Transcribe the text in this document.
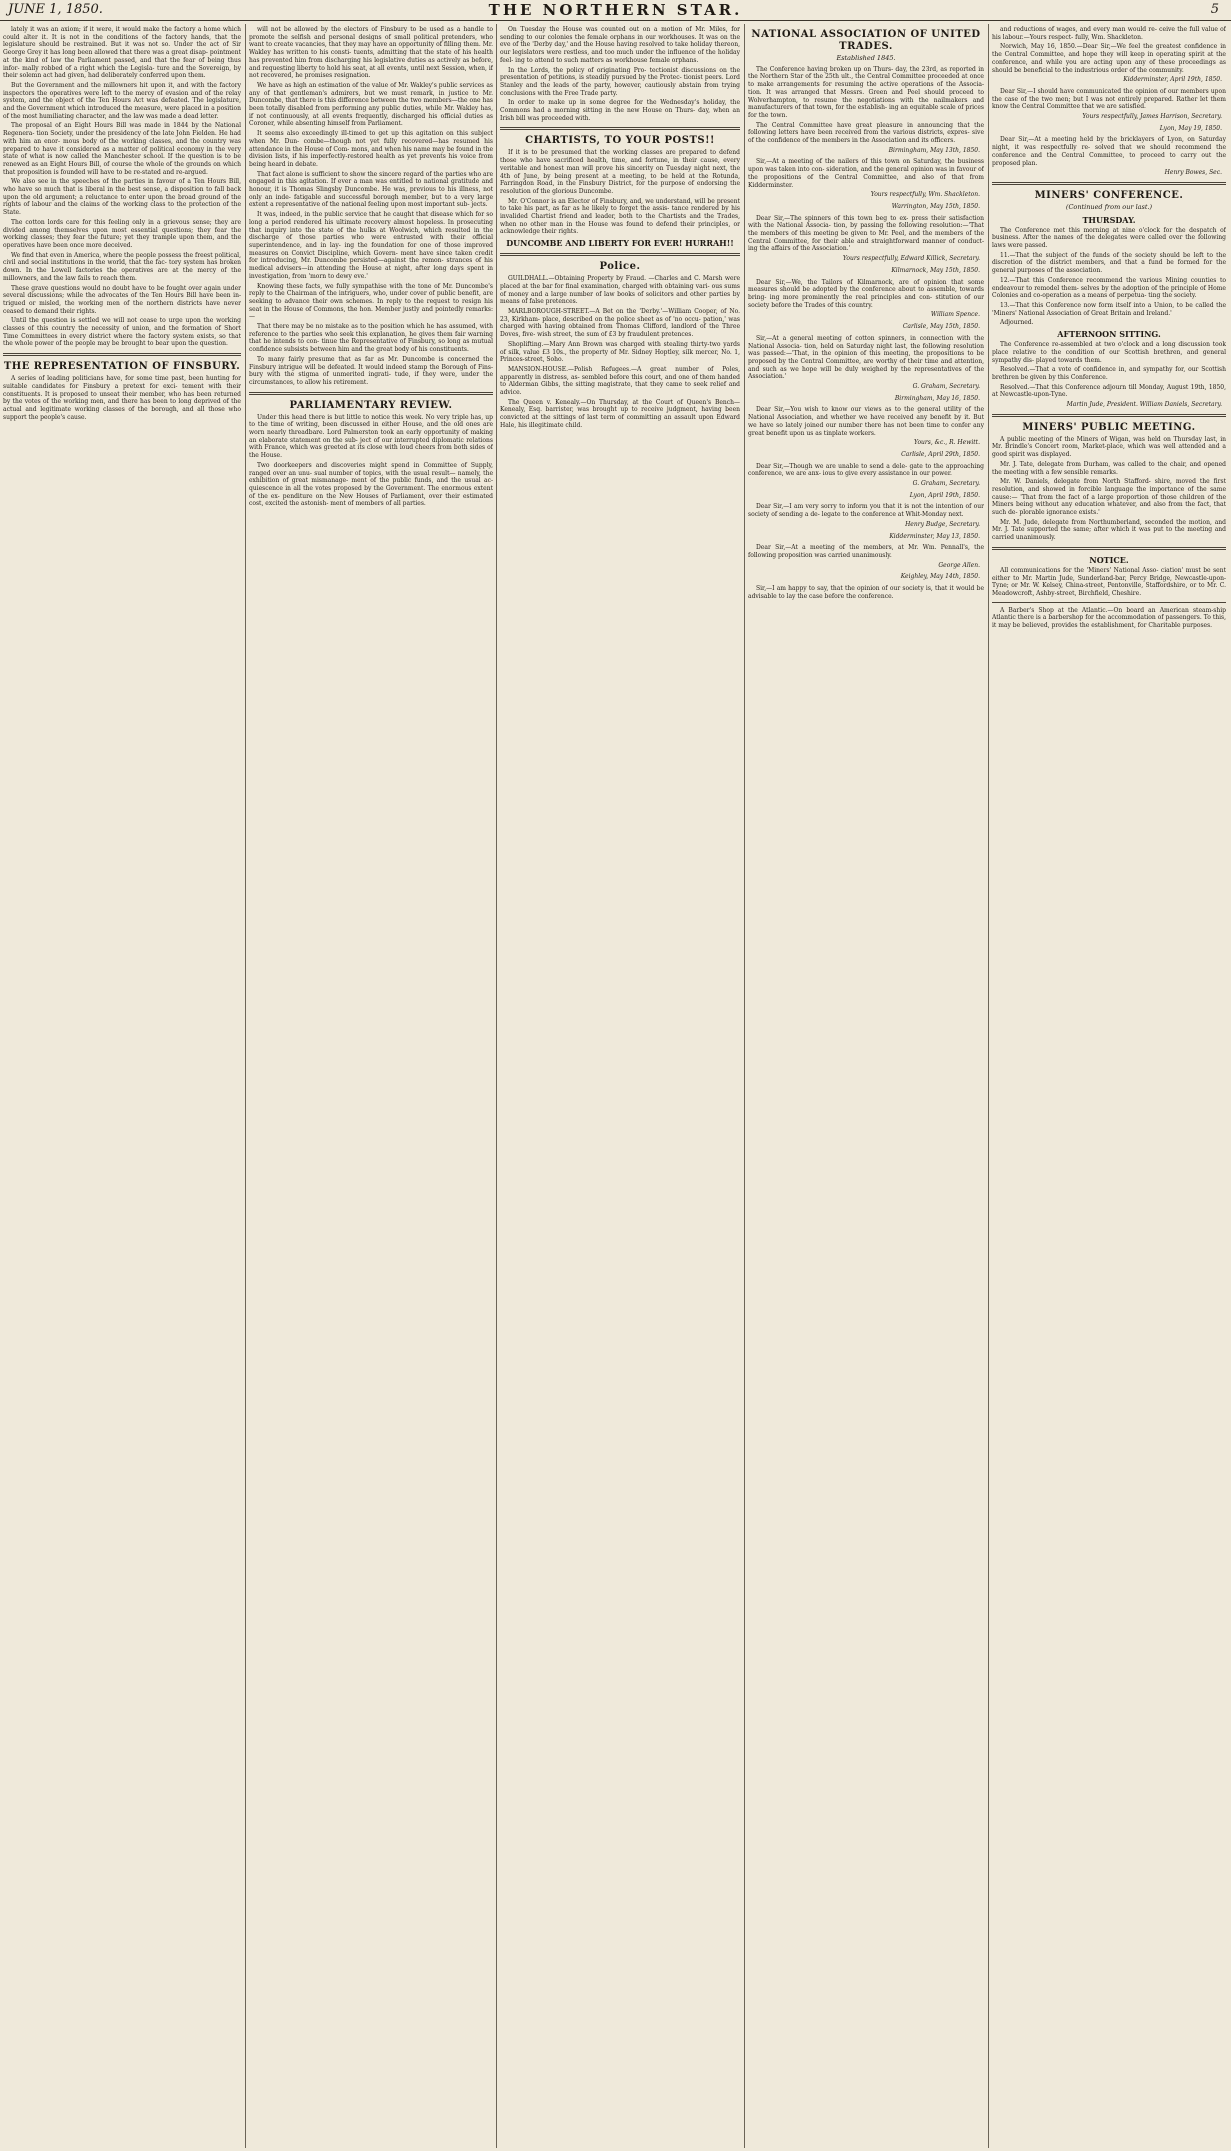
JUNE 1, 1850.	THE NORTHERN STAR.	5

lately it was an axiom; if it were, it would make the factory a home which could alter it. It is not in the conditions of the factory hands, that the legislature should be restrained. But it was not so. Under the act of Sir George Grey it has long been allowed that there was a great disap- pointment at the kind of law the Parliament passed, and that the fear of being thus infor- mally robbed of a right which the Legisla- ture and the Sovereign, by their solemn act had given, had deliberately conferred upon them.

But the Government and the millowners hit upon it, and with the factory inspectors the operatives were left to the mercy of evasion and of the relay system, and the object of the Ten Hours Act was defeated. The legislature, and the Government which introduced the measure, were placed in a position of the most humiliating character, and the law was made a dead letter.

The proposal of an Eight Hours Bill was made in 1844 by the National Regenera- tion Society, under the presidency of the late John Fielden. He had with him an enor- mous body of the working classes, and the country was prepared to have it considered as a matter of political economy in the very state of what is now called the Manchester school. If the question is to be renewed as an Eight Hours Bill, of course the whole of the grounds on which that proposition is founded will have to be re-stated and re-argued.

We also see in the speeches of the parties in favour of a Ten Hours Bill, who have so much that is liberal in the best sense, a disposition to fall back upon the old argument; a reluctance to enter upon the broad ground of the rights of labour and the claims of the working class to the protection of the State.

The cotton lords care for this feeling only in a grievous sense; they are divided among themselves upon most essential questions; they fear the working classes; they fear the future; yet they trample upon them, and the operatives have been once more deceived.

We find that even in America, where the people possess the freest political, civil and social institutions in the world, that the fac- tory system has broken down. In the Lowell factories the operatives are at the mercy of the millowners, and the law fails to reach them.

These grave questions would no doubt have to be fought over again under several discussions; while the advocates of the Ten Hours Bill have been in- trigued or misled, the working men of the northern districts have never ceased to demand their rights.

Until the question is settled we will not cease to urge upon the working classes of this country the necessity of union, and the formation of Short Time Committees in every district where the factory system exists, so that the whole power of the people may be brought to bear upon the question.

THE REPRESENTATION OF FINSBURY.

A series of leading politicians have, for some time past, been hunting for suitable candidates for Finsbury a pretext for exci- tement with their constituents. It is proposed to unseat their member, who has been returned by the votes of the working men, and there has been to long deprived of the actual and legitimate working classes of the borough, and all those who support the people's cause.

will not be allowed by the electors of Finsbury to be used as a handle to promote the selfish and personal designs of small political pretenders, who want to create vacancies, that they may have an opportunity of filling them. Mr. Wakley has written to his consti- tuents, admitting that the state of his health has prevented him from discharging his legislative duties as actively as before, and requesting liberty to hold his seat, at all events, until next Session, when, if not recovered, he promises resignation.

We have as high an estimation of the value of Mr. Wakley's public services as any of that gentleman's admirers, but we must remark, in justice to Mr. Duncombe, that there is this difference between the two members—the one has been totally disabled from performing any public duties, while Mr. Wakley has, if not continuously, at all events frequently, discharged his official duties as Coroner, while absenting himself from Parliament.

It seems also exceedingly ill-timed to get up this agitation on this subject when Mr. Dun- combe—though not yet fully recovered—has resumed his attendance in the House of Com- mons, and when his name may be found in the division lists, if his imperfectly-restored health as yet prevents his voice from being heard in debate.

That fact alone is sufficient to show the sincere regard of the parties who are engaged in this agitation. If ever a man was entitled to national gratitude and honour, it is Thomas Slingsby Duncombe. He was, previous to his illness, not only an inde- fatigable and successful borough member, but to a very large extent a representative of the national feeling upon most important sub- jects.

It was, indeed, in the public service that he caught that disease which for so long a period rendered his ultimate recovery almost hopeless. In prosecuting that inquiry into the state of the hulks at Woolwich, which resulted in the discharge of those parties who were entrusted with their official superintendence, and in lay- ing the foundation for one of those improved measures on Convict Discipline, which Govern- ment have since taken credit for introducing, Mr. Duncombe persisted—against the remon- strances of his medical advisers—in attending the House at night, after long days spent in investigation, from 'morn to dewy eve.'

Knowing these facts, we fully sympathise with the tone of Mr. Duncombe's reply to the Chairman of the intriguers, who, under cover of public benefit, are seeking to advance their own schemes. In reply to the request to resign his seat in the House of Commons, the hon. Member justly and pointedly remarks:—

That there may be no mistake as to the position which he has assumed, with reference to the parties who seek this explanation, he gives them fair warning that he intends to con- tinue the Representative of Finsbury, so long as mutual confidence subsists between him and the great body of his constituents.

To many fairly presume that as far as Mr. Duncombe is concerned the Finsbury intrigue will be defeated. It would indeed stamp the Borough of Fins- bury with the stigma of unmerited ingrati- tude, if they were, under the circumstances, to allow his retirement.

PARLIAMENTARY REVIEW.

Under this head there is but little to notice this week. No very triple has, up to the time of writing, been discussed in either House, and the old ones are worn nearly threadbare. Lord Palmerston took an early opportunity of making an elaborate statement on the sub- ject of our interrupted diplomatic relations with France, which was greeted at its close with loud cheers from both sides of the House.

Two doorkeepers and discoveries might spend in Committee of Supply, ranged over an unu- sual number of topics, with the usual result— namely, the exhibition of great mismanage- ment of the public funds, and the usual ac- quiescence in all the votes proposed by the Government. The enormous extent of the ex- penditure on the New Houses of Parliament, over their estimated cost, excited the astonish- ment of members of all parties.

On Tuesday the House was counted out on a motion of Mr. Miles, for sending to our colonies the female orphans in our workhouses. It was on the eve of the 'Derby day,' and the House having resolved to take holiday thereon, our legislators were restless, and too much under the influence of the holiday feel- ing to attend to such matters as workhouse female orphans.

In the Lords, the policy of originating Pro- tectionist discussions on the presentation of petitions, is steadily pursued by the Protec- tionist peers. Lord Stanley and the leads of the party, however, cautiously abstain from trying conclusions with the Free Trade party.

In order to make up in some degree for the Wednesday's holiday, the Commons had a morning sitting in the new House on Thurs- day, when an Irish bill was proceeded with.

CHARTISTS, TO YOUR POSTS!!

If it is to be presumed that the working classes are prepared to defend those who have sacrificed health, time, and fortune, in their cause, every veritable and honest man will prove his sincerity on Tuesday night next, the 4th of June, by being present at a meeting, to be held at the Rotunda, Farringdon Road, in the Finsbury District, for the purpose of endorsing the resolution of the glorious Duncombe.

Mr. O'Connor is an Elector of Finsbury, and, we understand, will be present to take his part, as far as he likely to forget the assis- tance rendered by his invalided Chartist friend and leader, both to the Chartists and the Trades, when no other man in the House was found to defend their principles, or acknowledge their rights.

DUNCOMBE AND LIBERTY FOR EVER! HURRAH!!
Police.

GUILDHALL.—Obtaining Property by Fraud. —Charles and C. Marsh were placed at the bar for final examination, charged with obtaining vari- ous sums of money and a large number of law books of solicitors and other parties by means of false pretences.

MARLBOROUGH-STREET.—A Bet on the 'Derby.'—William Cooper, of No. 23, Kirkham- place, described on the police sheet as of 'no occu- pation,' was charged with having obtained from Thomas Clifford, landlord of the Three Doves, five- wish street, the sum of £3 by fraudulent pretences.

Shoplifting.—Mary Ann Brown was charged with stealing thirty-two yards of silk, value £3 10s., the property of Mr. Sidney Hoptley, silk mercer, No. 1, Princes-street, Soho.

MANSION-HOUSE.—Polish Refugees.—A great number of Poles, apparently in distress, as- sembled before this court, and one of them handed to Alderman Gibbs, the sitting magistrate, that they came to seek relief and advice.

The Queen v. Kenealy.—On Thursday, at the Court of Queen's Bench—Kenealy, Esq. barrister, was brought up to receive judgment, having been convicted at the sittings of last term of committing an assault upon Edward Hale, his illegitimate child.

NATIONAL ASSOCIATION OF UNITED TRADES.
Established 1845.

The Conference having broken up on Thurs- day, the 23rd, as reported in the Northern Star of the 25th ult., the Central Committee proceeded at once to make arrangements for resuming the active operations of the Associa- tion. It was arranged that Messrs. Green and Peel should proceed to Wolverhampton, to resume the negotiations with the nailmakers and manufacturers of that town, for the establish- ing an equitable scale of prices for the town.

The Central Committee have great pleasure in announcing that the following letters have been received from the various districts, expres- sive of the confidence of the members in the Association and its officers.

Birmingham, May 13th, 1850.

Sir,—At a meeting of the nailers of this town on Saturday, the business upon was taken into con- sideration, and the general opinion was in favour of the propositions of the Central Committee, and also of that from Kidderminster.

Yours respectfully, Wm. Shackleton.
Warrington, May 15th, 1850.

Dear Sir,—The spinners of this town beg to ex- press their satisfaction with the National Associa- tion, by passing the following resolution:—'That the members of this meeting be given to Mr. Peel, and the members of the Central Committee, for their able and straightforward manner of conduct- ing the affairs of the Association.'

Yours respectfully, Edward Killick, Secretary.
Kilmarnock, May 15th, 1850.

Dear Sir,—We, the Tailors of Kilmarnock, are of opinion that some measures should be adopted by the conference about to assemble, towards bring- ing more prominently the real principles and con- stitution of our society before the Trades of this country.

William Spence.
Carlisle, May 15th, 1850.

Sir,—At a general meeting of cotton spinners, in connection with the National Associa- tion, held on Saturday night last, the following resolution was passed:—'That, in the opinion of this meeting, the propositions to be proposed by the Central Committee, are worthy of their time and attention, and such as we hope will be duly weighed by the representatives of the Association.'

G. Graham, Secretary.
Birmingham, May 16, 1850.

Dear Sir,—You wish to know our views as to the general utility of the National Association, and whether we have received any benefit by it. But we have so lately joined our number there has not been time to confer any great benefit upon us as tinplate workers.

Yours, &c., R. Hewitt.
Carlisle, April 29th, 1850.

Dear Sir,—Though we are unable to send a dele- gate to the approaching conference, we are anx- ious to give every assistance in our power.

G. Graham, Secretary.
Lyon, April 19th, 1850.

Dear Sir,—I am very sorry to inform you that it is not the intention of our society of sending a de- legate to the conference at Whit-Monday next.

Henry Budge, Secretary.
Kidderminster, May 13, 1850.

Dear Sir,—At a meeting of the members, at Mr. Wm. Pennall's, the following proposition was carried unanimously.

George Allen.
Keighley, May 14th, 1850.

Sir,—I am happy to say, that the opinion of our society is, that it would be advisable to lay the case before the conference.

and reductions of wages, and every man would re- ceive the full value of his labour.—Yours respect- fully, Wm. Shackleton.

Norwich, May 16, 1850.—Dear Sir,—We feel the greatest confidence in the Central Committee, and hope they will keep in operating spirit at the conference, and while you are acting upon any of these proceedings as should be beneficial to the industrious order of the community.

Kidderminster, April 19th, 1850.

Dear Sir,—I should have communicated the opinion of our members upon the case of the two men; but I was not entirely prepared. Rather let them know the Central Committee that we are satisfied.

Yours respectfully, James Harrison, Secretary.
Lyon, May 19, 1850.

Dear Sir,—At a meeting held by the bricklayers of Lyon, on Saturday night, it was respectfully re- solved that we should recommend the conference and the Central Committee, to proceed to carry out the proposed plan.

Henry Bowes, Sec.
MINERS' CONFERENCE.
(Continued from our last.)
THURSDAY.

The Conference met this morning at nine o'clock for the despatch of business. After the names of the delegates were called over the following laws were passed.

11.—That the subject of the funds of the society should be left to the discretion of the district members, and that a fund be formed for the general purposes of the association.

12.—That this Conference recommend the various Mining counties to endeavour to remodel them- selves by the adoption of the principle of Home Colonies and co-operation as a means of perpetua- ting the society.

13.—That this Conference now form itself into a Union, to be called the 'Miners' National Association of Great Britain and Ireland.'

Adjourned.

AFTERNOON SITTING.

The Conference re-assembled at two o'clock and a long discussion took place relative to the condition of our Scottish brethren, and general sympathy dis- played towards them.

Resolved.—That a vote of confidence in, and sympathy for, our Scottish brethren be given by this Conference.

Resolved.—That this Conference adjourn till Monday, August 19th, 1850, at Newcastle-upon-Tyne.

Martin Jude, President. William Daniels, Secretary.
MINERS' PUBLIC MEETING.

A public meeting of the Miners of Wigan, was held on Thursday last, in Mr. Brindle's Concert room, Market-place, which was well attended and a good spirit was displayed.

Mr. J. Tate, delegate from Durham, was called to the chair, and opened the meeting with a few sensible remarks.

Mr. W. Daniels, delegate from North Stafford- shire, moved the first resolution, and showed in forcible language the importance of the same cause:— 'That from the fact of a large proportion of those children of the Miners being without any education whatever, and also from the fact, that such de- plorable ignorance exists.'

Mr. M. Jude, delegate from Northumberland, seconded the motion, and Mr. J. Tate supported the same; after which it was put to the meeting and carried unanimously.

NOTICE.

All communications for the 'Miners' National Asso- ciation' must be sent either to Mr. Martin Jude, Sunderland-bar, Percy Bridge, Newcastle-upon-Tyne; or Mr. W. Kelsey, China-street, Pentonville, Staffordshire, or to Mr. C. Meadowcroft, Ashby-street, Birchfield, Cheshire.

A Barber's Shop at the Atlantic.—On board an American steam-ship Atlantic there is a barbershop for the accommodation of passengers. To this, it may be believed, provides the establishment, for Charitable purposes.
